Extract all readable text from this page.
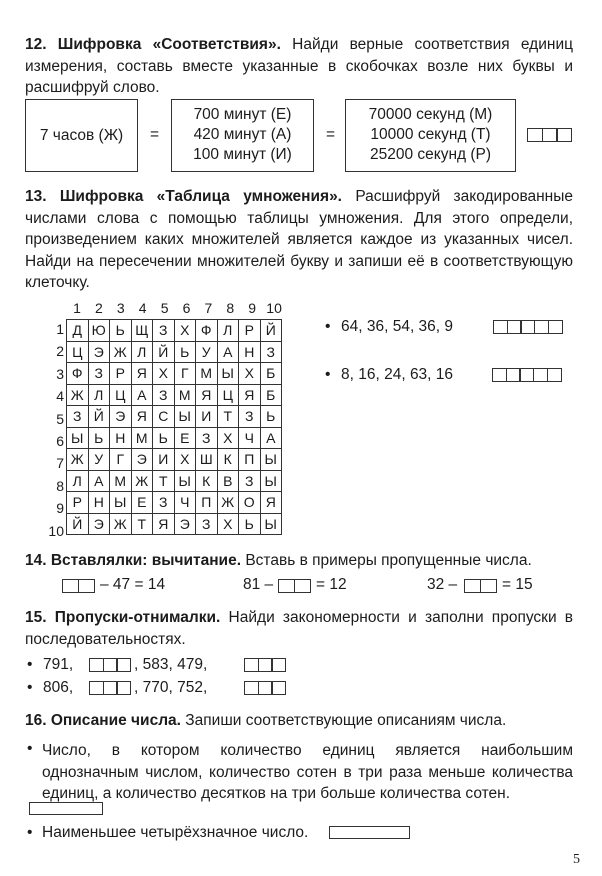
12. Шифровка «Соответствия». Найди верные соответствия единиц измерения, составь вместе указанные в скобочках возле них буквы и расшифруй слово.
7 часов (Ж)	=
700 минут (Е)
420 минут (А)
100 минут (И)
=
70000 секунд (М)
10000 секунд (Т)
25200 секунд (Р)
13. Шифровка «Таблица умножения». Расшифруй закодированные числами слова с помощью таблицы умножения. Для этого определи, произведением каких множителей является каждое из указанных чисел. Найди на пересечении множителей букву и запиши её в соответствующую клеточку.
1	2	3	4	5	6	7	8	9 10
1
2
3
4
5
6
7
8
9
10
Д	Ю	Ь	Щ	З	Х	Ф	Л	Р	Й
Ц	Э	Ж	Л	Й	Ь	У	А	Н	З
Ф	З	Р	Я	Х	Г	М	Ы	Х	Б
Ж	Л	Ц	А	З	М	Я	Ц	Я	Б
З	Й	Э	Я	С	Ы	И	Т	З	Ь
Ы	Ь	Н	М	Ь	Е	З	Х	Ч	А
Ж	У	Г	Э	И	Х	Ш	К	П	Ы
Л	А	М	Ж	Т	Ы	К	В	З	Ы
Р	Н	Ы	Е	З	Ч	П	Ж	О	Я
Й	Э	Ж	Т	Я	Э	З	Х	Ь	Ы
• 64, 36, 54, 36, 9
• 8, 16, 24, 63, 16
14. Вставлялки: вычитание. Вставь в примеры пропущенные числа.
– 47 = 14	81 –	= 12	32 –	= 15
15. Пропуски-отнималки. Найди закономерности и заполни пропуски в последовательностях.
• 791,	, 583, 479,
• 806,	, 770, 752,
16. Описание числа. Запиши соответствующие описаниям числа.
• Число, в котором количество единиц является наибольшим однозначным числом, количество сотен в три раза меньше количества единиц, а количество десятков на три больше количества сотен.
• Наименьшее четырёхзначное число.
5
